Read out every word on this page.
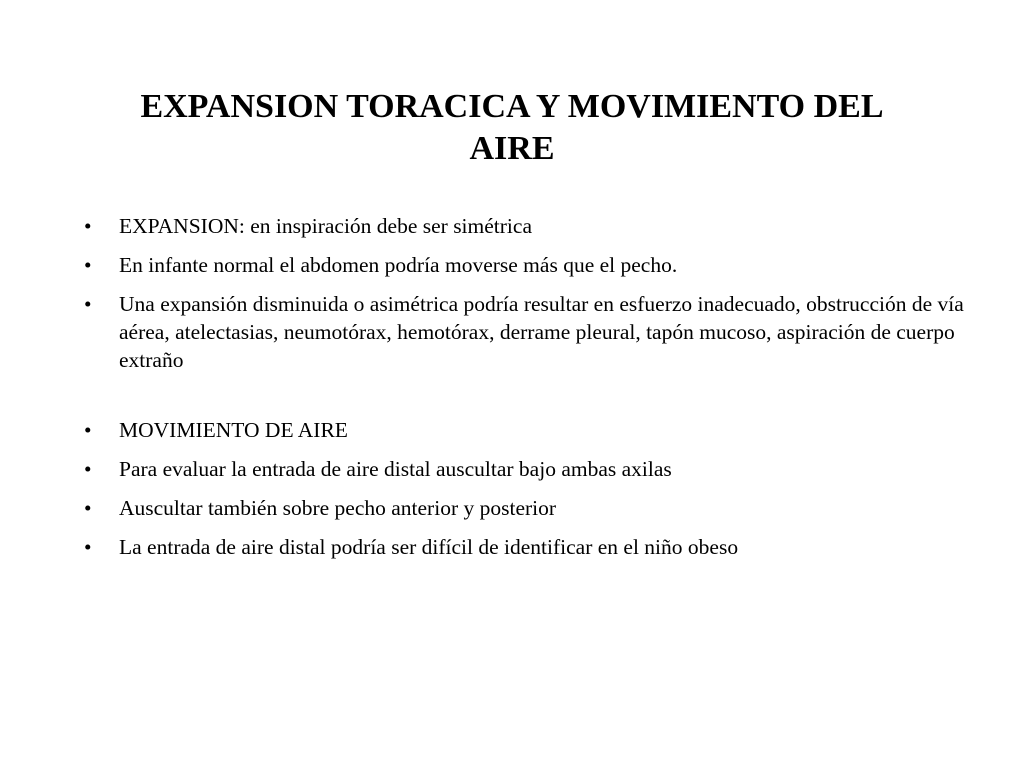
EXPANSION TORACICA Y MOVIMIENTO DEL
AIRE
•	EXPANSION: en inspiración debe ser simétrica
•	En infante normal el abdomen podría moverse más que el pecho.
•	Una expansión disminuida o asimétrica podría resultar en esfuerzo inadecuado, obstrucción de vía aérea, atelectasias, neumotórax, hemotórax, derrame pleural, tapón mucoso, aspiración de cuerpo extraño
•	MOVIMIENTO DE AIRE
•	Para evaluar la entrada de aire distal auscultar bajo ambas axilas
•	Auscultar también sobre pecho anterior y posterior
•	La entrada de aire distal podría ser difícil de identificar en el niño obeso
